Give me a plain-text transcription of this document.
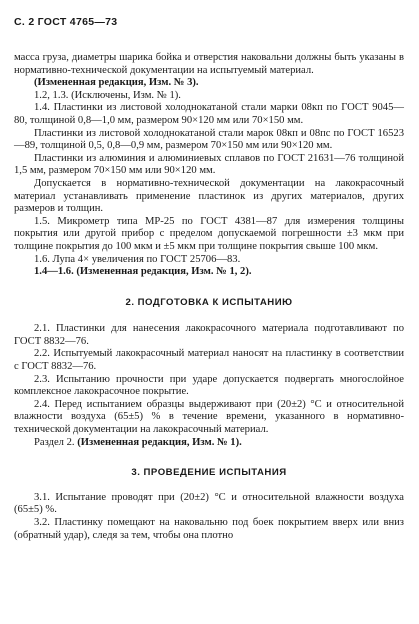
С. 2 ГОСТ 4765—73

масса груза, диаметры шарика бойка и отверстия наковальни должны быть указаны в нормативно-технической документации на испытуемый материал.

(Измененная редакция, Изм. № 3).

1.2, 1.3. (Исключены, Изм. № 1).

1.4. Пластинки из листовой холоднокатаной стали марки 08кп по ГОСТ 9045—80, толщиной 0,8—1,0 мм, размером 90×120 мм или 70×150 мм.

Пластинки из листовой холоднокатаной стали марок 08кп и 08пс по ГОСТ 16523—89, толщиной 0,5, 0,8—0,9 мм, размером 70×150 мм или 90×120 мм.

Пластинки из алюминия и алюминиевых сплавов по ГОСТ 21631—76 толщиной 1,5 мм, размером 70×150 мм или 90×120 мм.

Допускается в нормативно-технической документации на лакокрасочный материал устанавливать применение пластинок из других материалов, других размеров и толщин.

1.5. Микрометр типа МР-25 по ГОСТ 4381—87 для измерения толщины покрытия или другой прибор с пределом допускаемой погрешности ±3 мкм при толщине покрытия до 100 мкм и ±5 мкм при толщине покрытия свыше 100 мкм.

1.6. Лупа 4× увеличения по ГОСТ 25706—83.

1.4—1.6. (Измененная редакция, Изм. № 1, 2).

2. ПОДГОТОВКА К ИСПЫТАНИЮ

2.1. Пластинки для нанесения лакокрасочного материала подготавливают по ГОСТ 8832—76.

2.2. Испытуемый лакокрасочный материал наносят на пластинку в соответствии с ГОСТ 8832—76.

2.3. Испытанию прочности при ударе допускается подвергать многослойное комплексное лакокрасочное покрытие.

2.4. Перед испытанием образцы выдерживают при (20±2) °С и относительной влажности воздуха (65±5) % в течение времени, указанного в нормативно-технической документации на лакокрасочный материал.

Раздел 2. (Измененная редакция, Изм. № 1).

3. ПРОВЕДЕНИЕ ИСПЫТАНИЯ

3.1. Испытание проводят при (20±2) °С и относительной влажности воздуха (65±5) %.

3.2. Пластинку помещают на наковальню под боек покрытием вверх или вниз (обратный удар), следя за тем, чтобы она плотно
